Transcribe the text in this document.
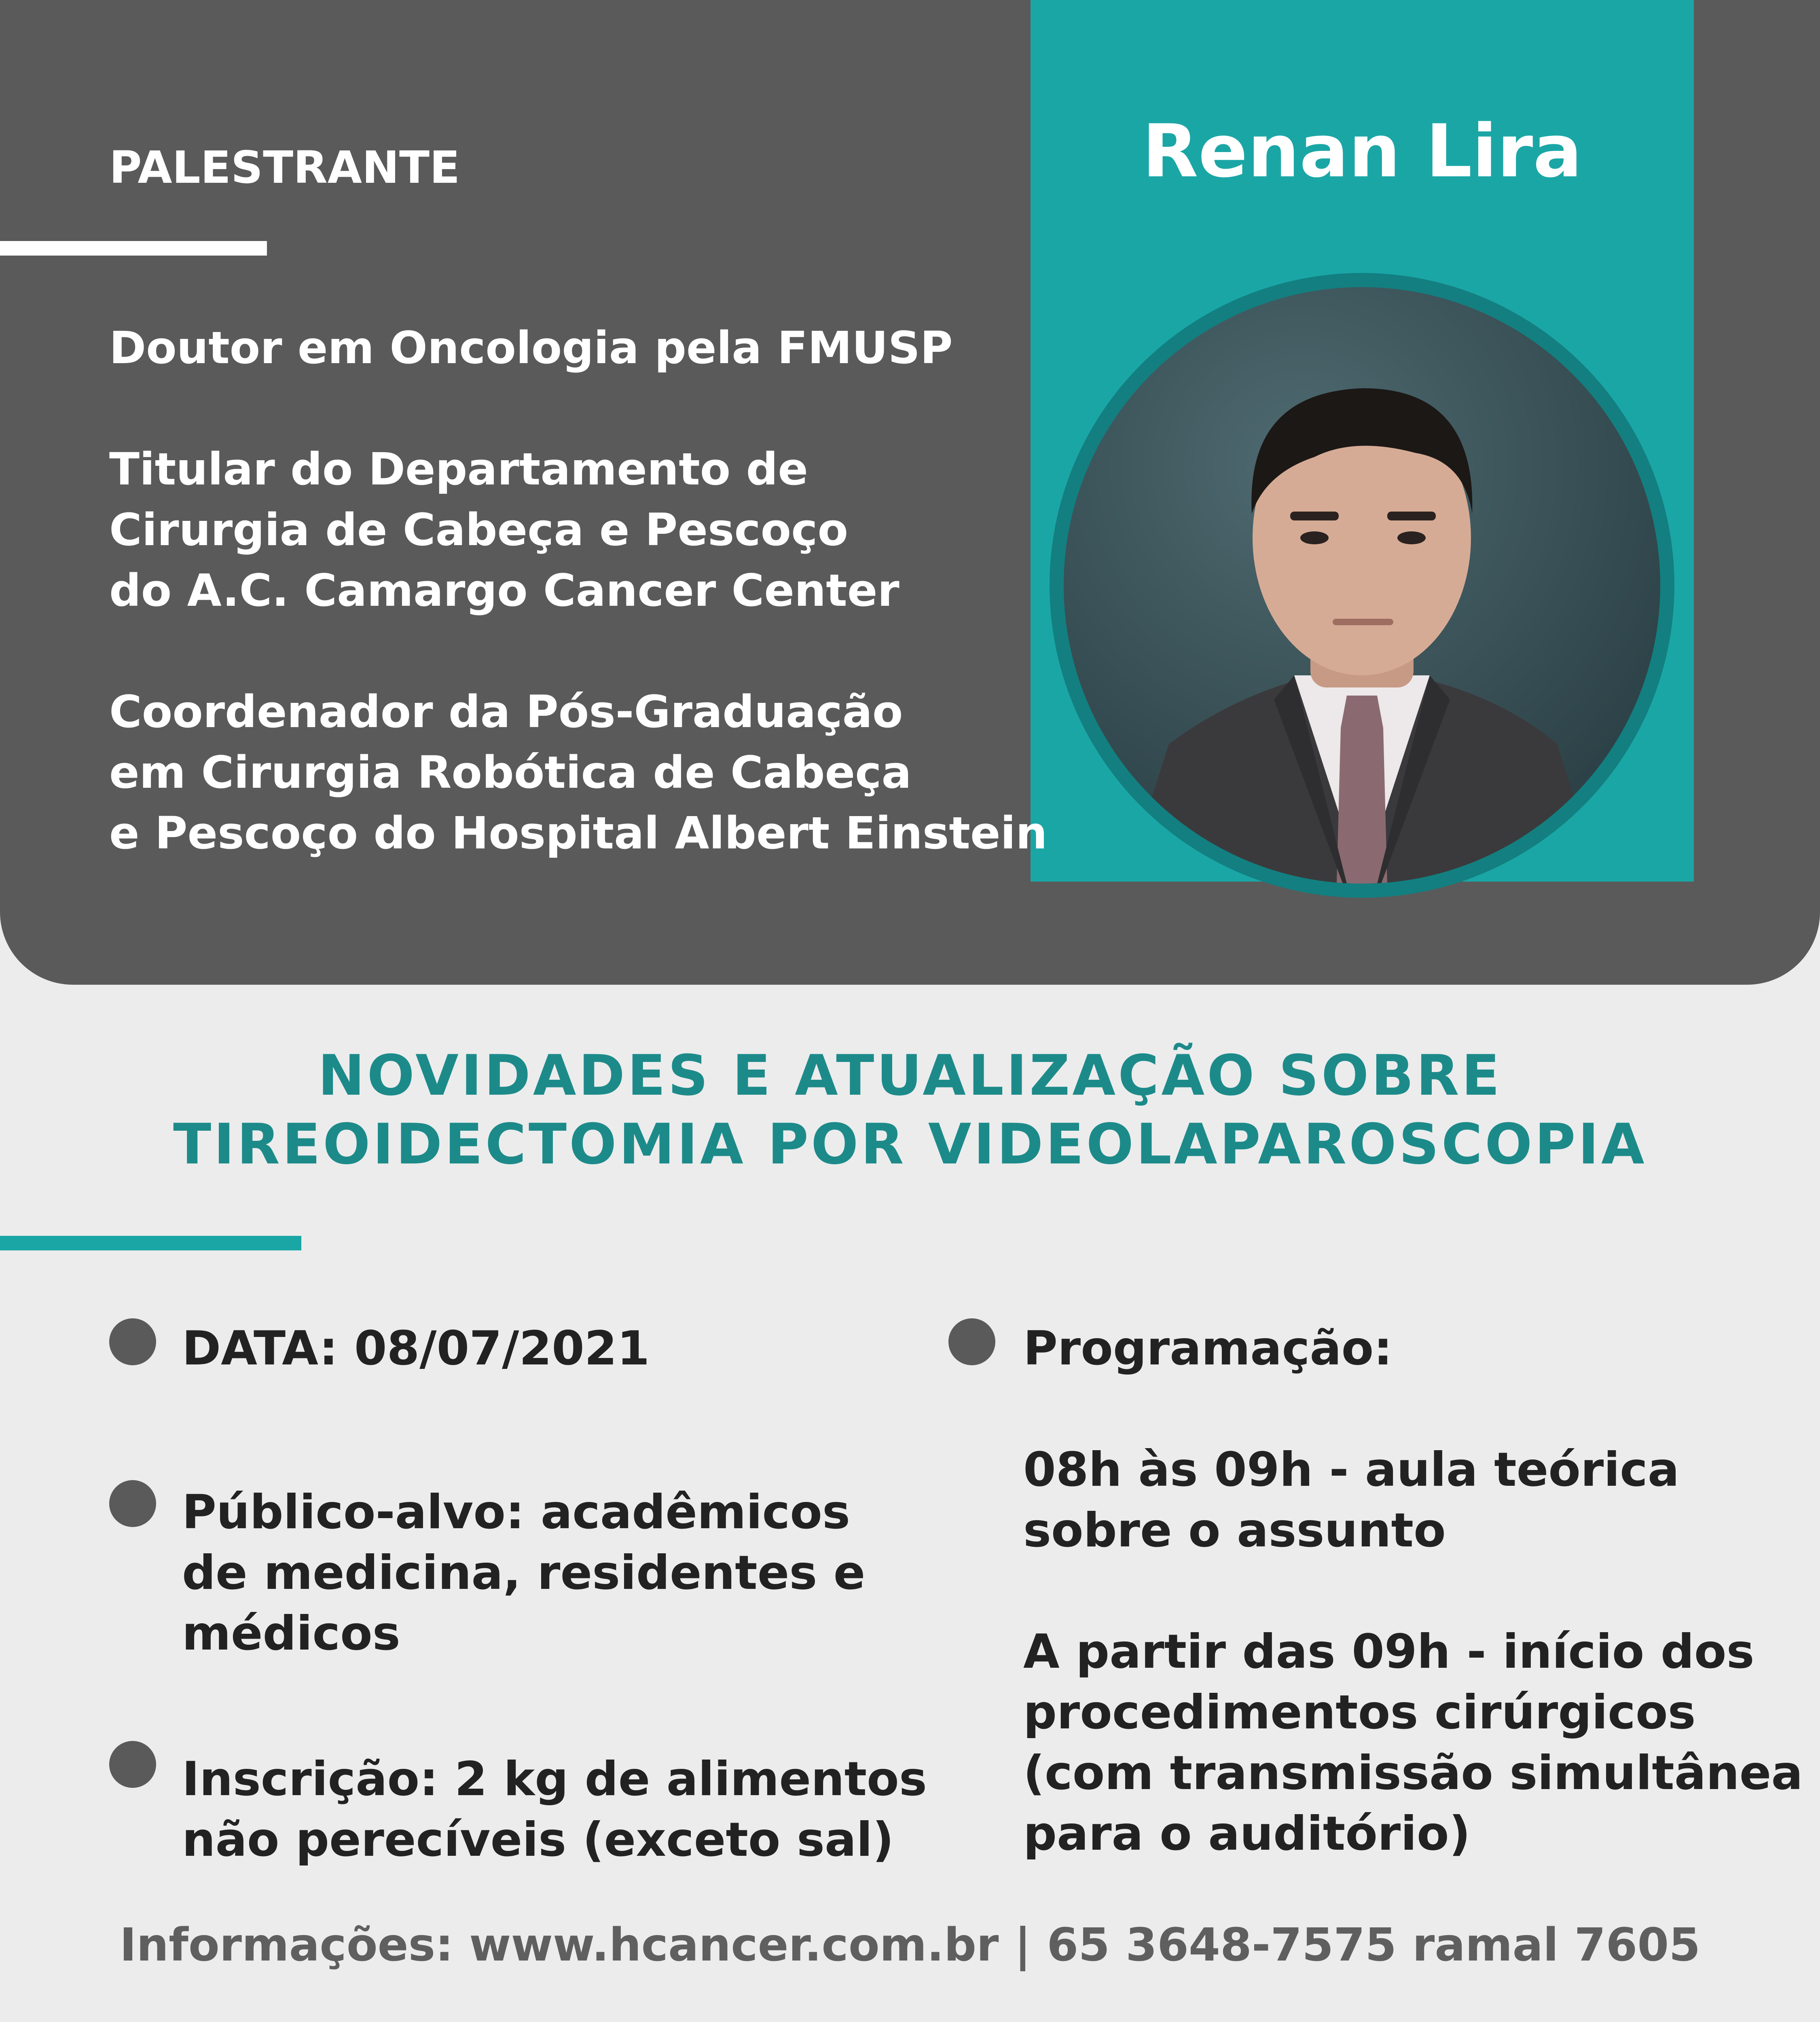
Renan Lira
PALESTRANTE
Doutor em Oncologia pela FMUSP
Titular do Departamento de
Cirurgia de Cabeça e Pescoço
do A.C. Camargo Cancer Center
Coordenador da Pós-Graduação
em Cirurgia Robótica de Cabeça
e Pescoço do Hospital Albert Einstein
NOVIDADES E ATUALIZAÇÃO SOBRE
TIREOIDECTOMIA POR VIDEOLAPAROSCOPIA
DATA: 08/07/2021
Público-alvo: acadêmicos
de medicina, residentes e
médicos
Inscrição: 2 kg de alimentos
não perecíveis (exceto sal)
Programação:
08h às 09h - aula teórica
sobre o assunto
A partir das 09h - início dos
procedimentos cirúrgicos
(com transmissão simultânea
para o auditório)
Informações: www.hcancer.com.br | 65 3648-7575 ramal 7605
